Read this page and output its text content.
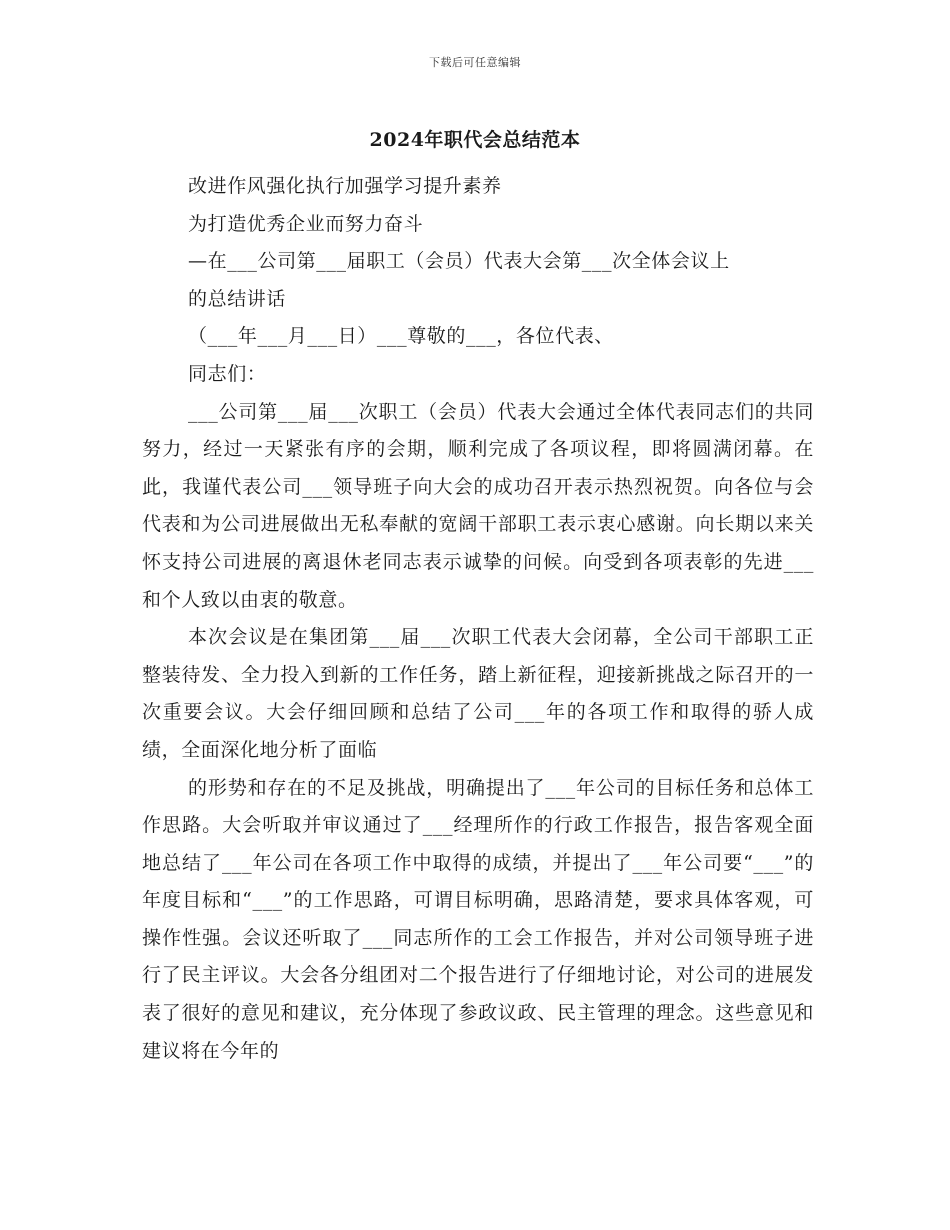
下载后可任意编辑
2024年职代会总结范本
改进作风强化执行加强学习提升素养
为打造优秀企业而努力奋斗
—在___公司第___届职工（会员）代表大会第___次全体会议上
的总结讲话
（___年___月___日）___尊敬的___，各位代表、
同志们：
___公司第___届___次职工（会员）代表大会通过全体代表同志们的共同努力，经过一天紧张有序的会期，顺利完成了各项议程，即将圆满闭幕。在此，我谨代表公司___领导班子向大会的成功召开表示热烈祝贺。向各位与会代表和为公司进展做出无私奉献的宽阔干部职工表示衷心感谢。向长期以来关怀支持公司进展的离退休老同志表示诚挚的问候。向受到各项表彰的先进___和个人致以由衷的敬意。
本次会议是在集团第___届___次职工代表大会闭幕，全公司干部职工正整装待发、全力投入到新的工作任务，踏上新征程，迎接新挑战之际召开的一次重要会议。大会仔细回顾和总结了公司___年的各项工作和取得的骄人成绩，全面深化地分析了面临
的形势和存在的不足及挑战，明确提出了___年公司的目标任务和总体工作思路。大会听取并审议通过了___经理所作的行政工作报告，报告客观全面地总结了___年公司在各项工作中取得的成绩，并提出了___年公司要“___”的年度目标和“___”的工作思路，可谓目标明确，思路清楚，要求具体客观，可操作性强。会议还听取了___同志所作的工会工作报告，并对公司领导班子进行了民主评议。大会各分组团对二个报告进行了仔细地讨论，对公司的进展发表了很好的意见和建议，充分体现了参政议政、民主管理的理念。这些意见和建议将在今年的
